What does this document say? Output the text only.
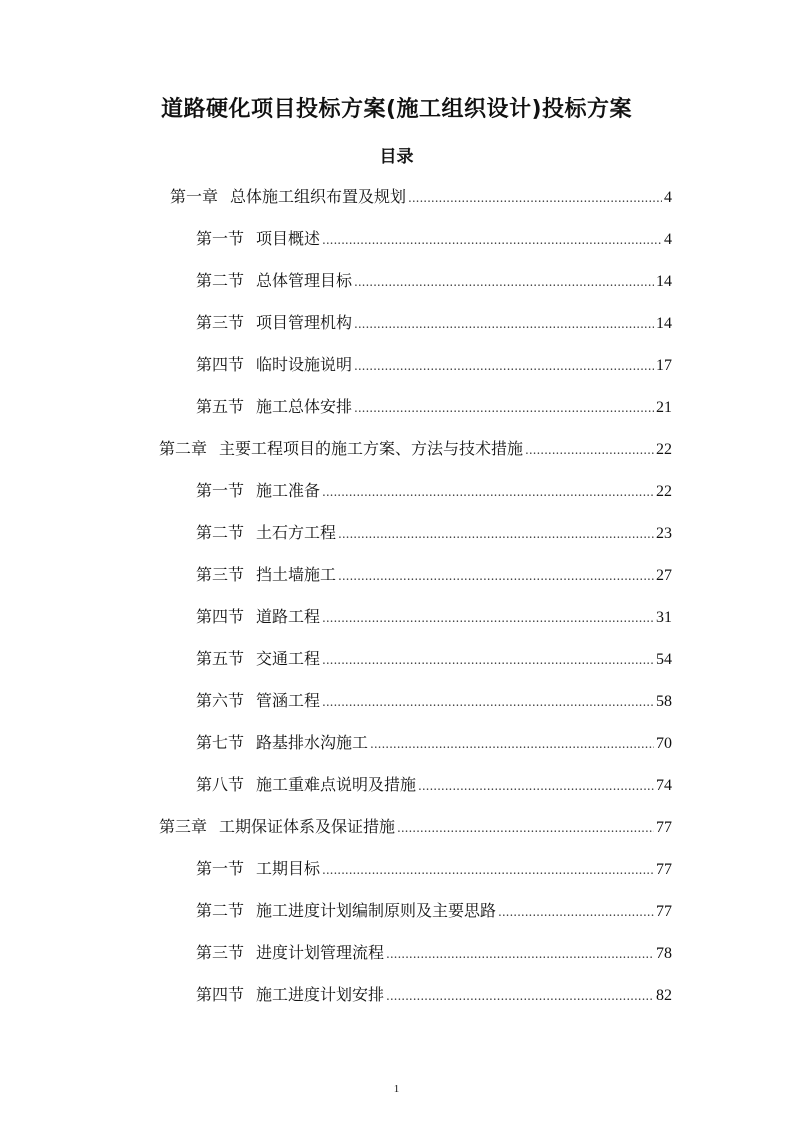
道路硬化项目投标方案(施工组织设计)投标方案
目录
第一章 总体施工组织布置及规划 .....	4
第一节 项目概述 .....	4
第二节 总体管理目标 .....	14
第三节 项目管理机构 .....	14
第四节 临时设施说明 .....	17
第五节 施工总体安排 .....	21
第二章 主要工程项目的施工方案、方法与技术措施 .....	22
第一节 施工准备 .....	22
第二节 土石方工程 .....	23
第三节 挡土墙施工 .....	27
第四节 道路工程 .....	31
第五节 交通工程 .....	54
第六节 管涵工程 .....	58
第七节 路基排水沟施工 .....	70
第八节 施工重难点说明及措施 .....	74
第三章 工期保证体系及保证措施 .....	77
第一节 工期目标 .....	77
第二节 施工进度计划编制原则及主要思路 .....	77
第三节 进度计划管理流程 .....	78
第四节 施工进度计划安排 .....	82
1
